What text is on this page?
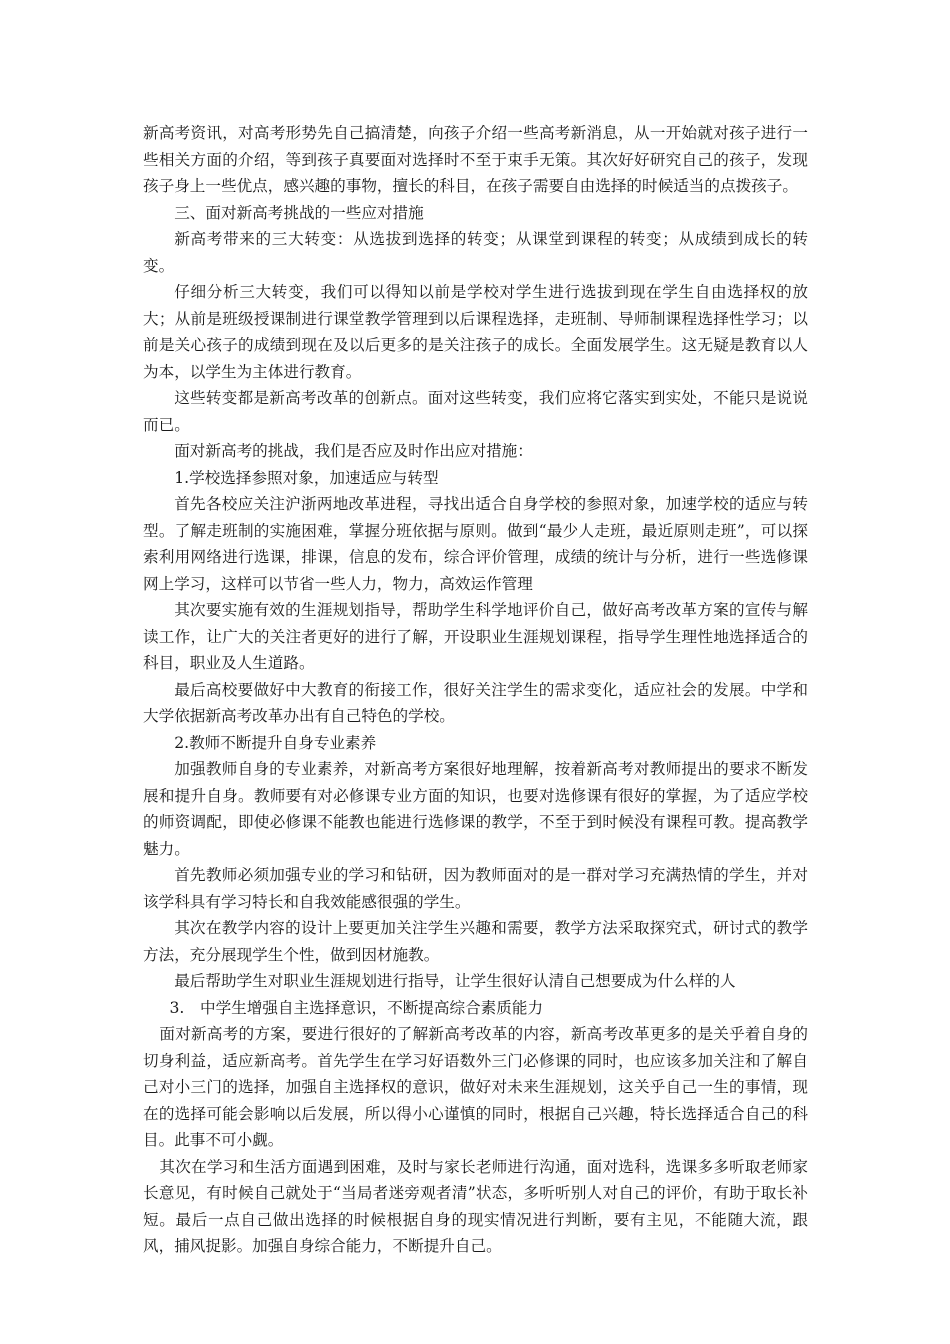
新高考资讯，对高考形势先自己搞清楚，向孩子介绍一些高考新消息，从一开始就对孩子进行一些相关方面的介绍，等到孩子真要面对选择时不至于束手无策。其次好好研究自己的孩子，发现孩子身上一些优点，感兴趣的事物，擅长的科目，在孩子需要自由选择的时候适当的点拨孩子。

三、面对新高考挑战的一些应对措施

新高考带来的三大转变：从选拔到选择的转变；从课堂到课程的转变；从成绩到成长的转变。

仔细分析三大转变，我们可以得知以前是学校对学生进行选拔到现在学生自由选择权的放大；从前是班级授课制进行课堂教学管理到以后课程选择，走班制、导师制课程选择性学习；以前是关心孩子的成绩到现在及以后更多的是关注孩子的成长。全面发展学生。这无疑是教育以人为本，以学生为主体进行教育。

这些转变都是新高考改革的创新点。面对这些转变，我们应将它落实到实处，不能只是说说而已。

面对新高考的挑战，我们是否应及时作出应对措施：

1.学校选择参照对象，加速适应与转型

首先各校应关注沪浙两地改革进程，寻找出适合自身学校的参照对象，加速学校的适应与转型。了解走班制的实施困难，掌握分班依据与原则。做到“最少人走班，最近原则走班”，可以探索利用网络进行选课，排课，信息的发布，综合评价管理，成绩的统计与分析，进行一些选修课网上学习，这样可以节省一些人力，物力，高效运作管理

其次要实施有效的生涯规划指导，帮助学生科学地评价自己，做好高考改革方案的宣传与解读工作，让广大的关注者更好的进行了解，开设职业生涯规划课程，指导学生理性地选择适合的科目，职业及人生道路。

最后高校要做好中大教育的衔接工作，很好关注学生的需求变化，适应社会的发展。中学和大学依据新高考改革办出有自己特色的学校。

2.教师不断提升自身专业素养

加强教师自身的专业素养，对新高考方案很好地理解，按着新高考对教师提出的要求不断发展和提升自身。教师要有对必修课专业方面的知识，也要对选修课有很好的掌握，为了适应学校的师资调配，即使必修课不能教也能进行选修课的教学，不至于到时候没有课程可教。提高教学魅力。

首先教师必须加强专业的学习和钻研，因为教师面对的是一群对学习充满热情的学生，并对该学科具有学习特长和自我效能感很强的学生。

其次在教学内容的设计上要更加关注学生兴趣和需要，教学方法采取探究式，研讨式的教学方法，充分展现学生个性，做到因材施教。

最后帮助学生对职业生涯规划进行指导，让学生很好认清自己想要成为什么样的人

3.　中学生增强自主选择意识，不断提高综合素质能力

面对新高考的方案，要进行很好的了解新高考改革的内容，新高考改革更多的是关乎着自身的切身利益，适应新高考。首先学生在学习好语数外三门必修课的同时，也应该多加关注和了解自己对小三门的选择，加强自主选择权的意识，做好对未来生涯规划，这关乎自己一生的事情，现在的选择可能会影响以后发展，所以得小心谨慎的同时，根据自己兴趣，特长选择适合自己的科目。此事不可小觑。

其次在学习和生活方面遇到困难，及时与家长老师进行沟通，面对选科，选课多多听取老师家长意见，有时候自己就处于“当局者迷旁观者清”状态，多听听别人对自己的评价，有助于取长补短。最后一点自己做出选择的时候根据自身的现实情况进行判断，要有主见，不能随大流，跟风，捕风捉影。加强自身综合能力，不断提升自己。
